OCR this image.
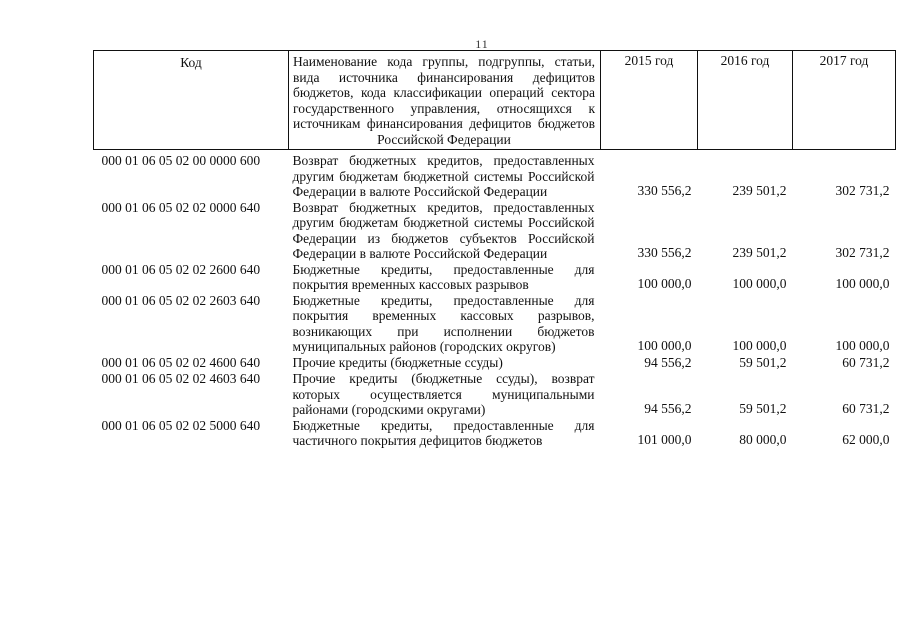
11
Код	Наименование кода группы, подгруппы, статьи, вида источника финансирования дефицитов бюджетов, кода классификации операций сектора государственного управления, относящихся к источникам финансирования дефицитов бюджетов Российской Федерации	2015 год	2016 год	2017 год
000 01 06 05 02 00 0000 600	Возврат бюджетных кредитов, предоставленных другим бюджетам бюджетной системы Российской Федерации в валюте Российской Федерации	330 556,2	239 501,2	302 731,2
000 01 06 05 02 02 0000 640	Возврат бюджетных кредитов, предоставленных другим бюджетам бюджетной системы Российской Федерации из бюджетов субъектов Российской Федерации в валюте Российской Федерации	330 556,2	239 501,2	302 731,2
000 01 06 05 02 02 2600 640	Бюджетные кредиты, предоставленные для покрытия временных кассовых разрывов	100 000,0	100 000,0	100 000,0
000 01 06 05 02 02 2603 640	Бюджетные кредиты, предоставленные для покрытия временных кассовых разрывов, возникающих при исполнении бюджетов муниципальных районов (городских округов)	100 000,0	100 000,0	100 000,0
000 01 06 05 02 02 4600 640	Прочие кредиты (бюджетные ссуды)	94 556,2	59 501,2	60 731,2
000 01 06 05 02 02 4603 640	Прочие кредиты (бюджетные ссуды), возврат которых осуществляется муниципальными районами (городскими округами)	94 556,2	59 501,2	60 731,2
000 01 06 05 02 02 5000 640	Бюджетные кредиты, предоставленные для частичного покрытия дефицитов бюджетов	101 000,0	80 000,0	62 000,0
